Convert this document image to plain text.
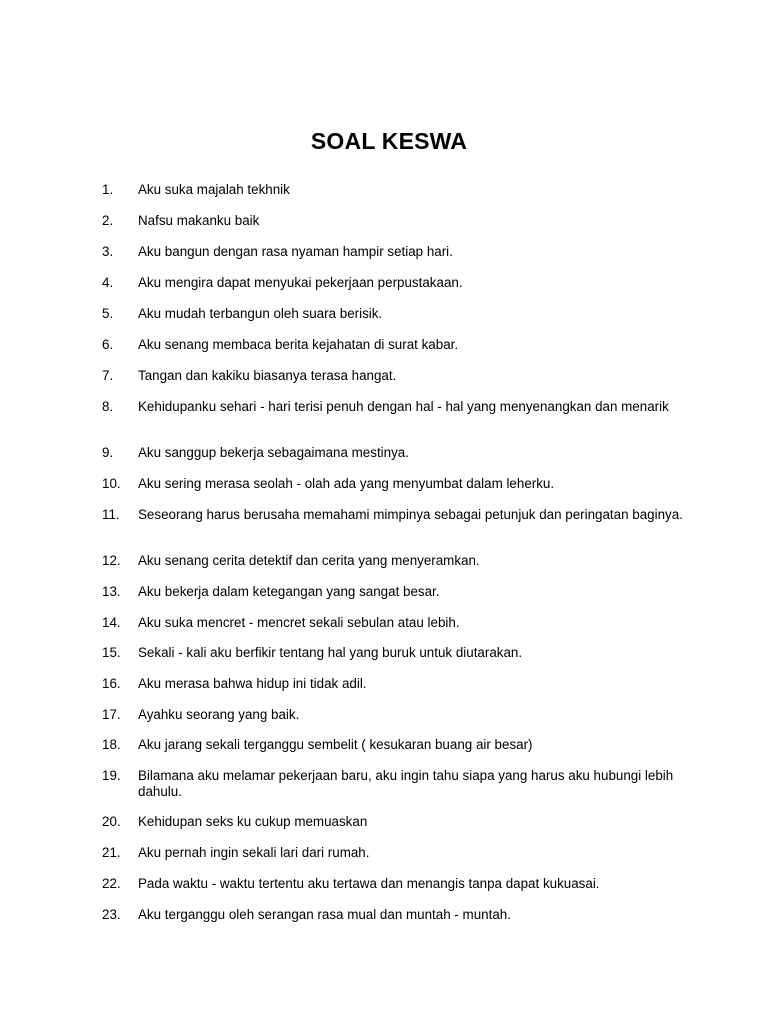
SOAL KESWA
1. Aku suka majalah tekhnik
2. Nafsu makanku baik
3. Aku bangun dengan rasa nyaman hampir setiap hari.
4. Aku mengira dapat menyukai pekerjaan perpustakaan.
5. Aku mudah terbangun oleh suara berisik.
6. Aku senang membaca berita kejahatan di surat kabar.
7. Tangan dan kakiku biasanya terasa hangat.
8. Kehidupanku sehari - hari terisi penuh dengan hal - hal yang menyenangkan dan menarik
9. Aku sanggup bekerja sebagaimana mestinya.
10. Aku sering merasa seolah - olah ada yang menyumbat dalam leherku.
11. Seseorang harus berusaha memahami mimpinya sebagai petunjuk dan peringatan baginya.
12. Aku senang cerita detektif dan cerita yang menyeramkan.
13. Aku bekerja dalam ketegangan yang sangat besar.
14. Aku suka mencret - mencret sekali sebulan atau lebih.
15. Sekali - kali aku berfikir tentang hal yang buruk untuk diutarakan.
16. Aku merasa bahwa hidup ini tidak adil.
17. Ayahku seorang yang baik.
18. Aku jarang sekali terganggu sembelit ( kesukaran buang air besar)
19. Bilamana aku melamar pekerjaan baru, aku ingin tahu siapa yang harus aku hubungi lebih dahulu.
20. Kehidupan seks ku cukup memuaskan
21. Aku pernah ingin sekali lari dari rumah.
22. Pada waktu - waktu tertentu aku tertawa dan menangis tanpa dapat kukuasai.
23. Aku terganggu oleh serangan rasa mual dan muntah - muntah.
